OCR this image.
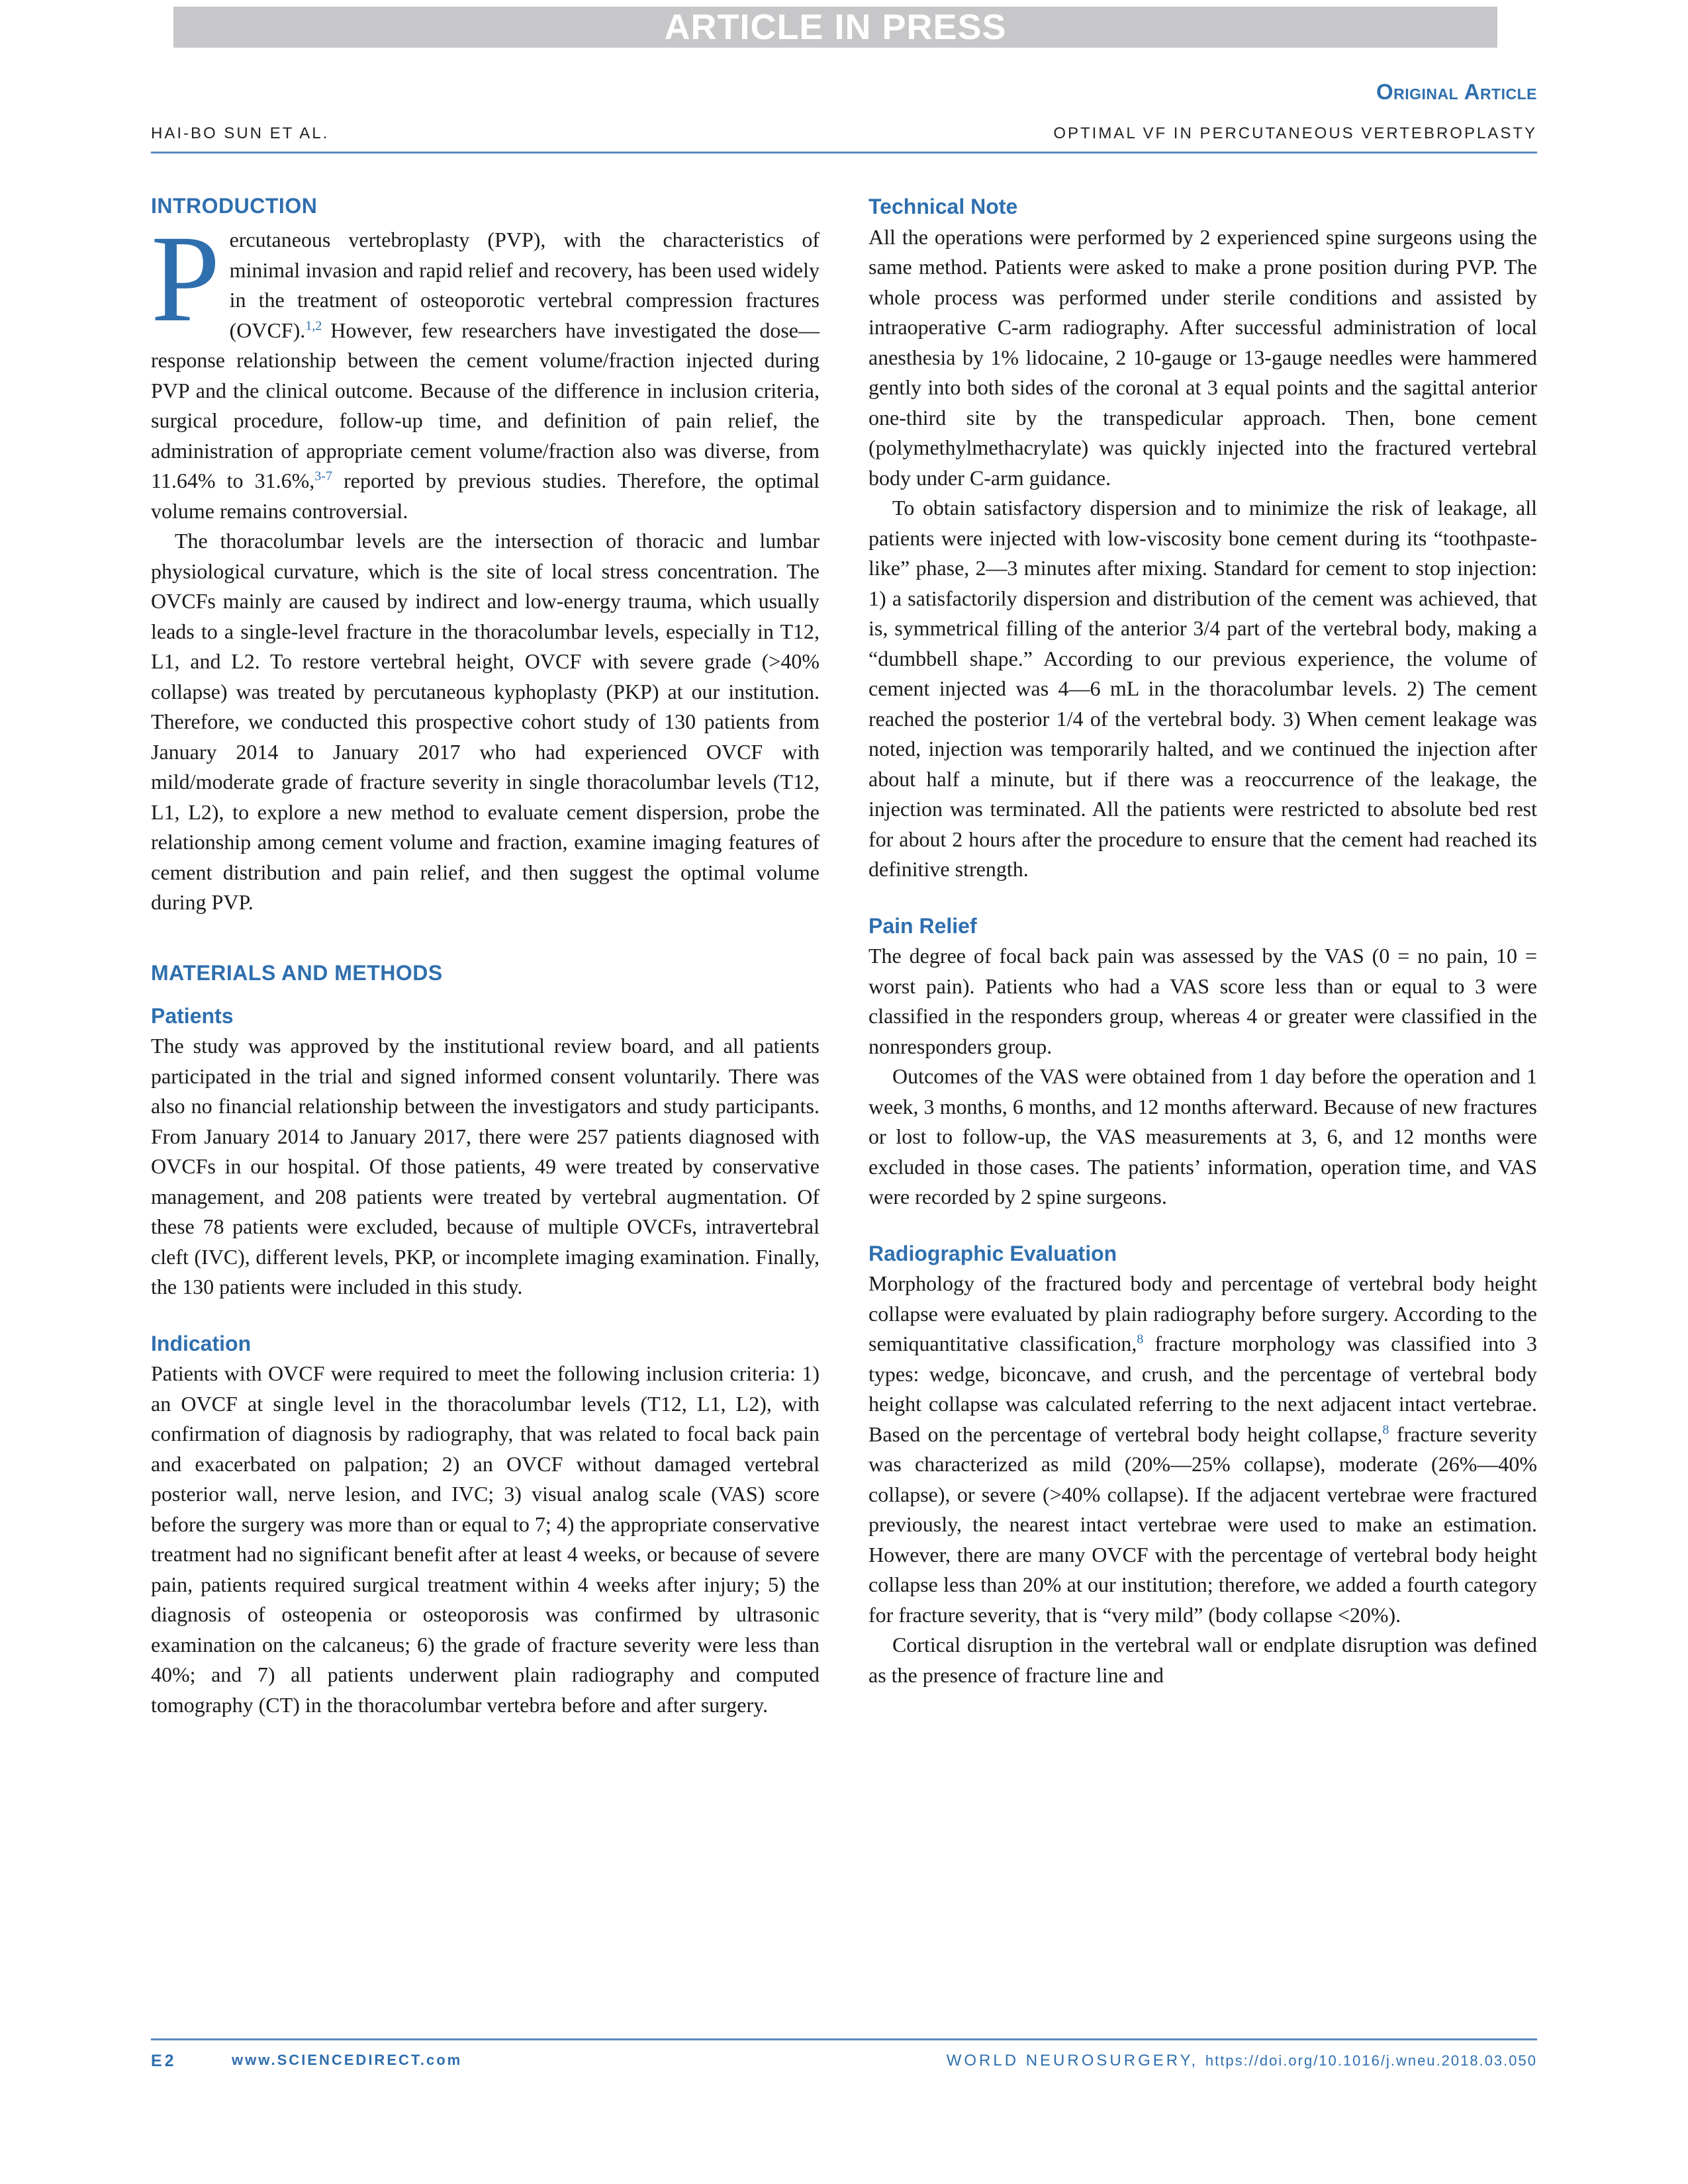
ARTICLE IN PRESS
Original Article
HAI-BO SUN ET AL.	OPTIMAL VF IN PERCUTANEOUS VERTEBROPLASTY
INTRODUCTION

Percutaneous vertebroplasty (PVP), with the characteristics of minimal invasion and rapid relief and recovery, has been used widely in the treatment of osteoporotic vertebral compression fractures (OVCF).$^{1,2}$ However, few researchers have investigated the dose—response relationship between the cement volume/fraction injected during PVP and the clinical outcome. Because of the difference in inclusion criteria, surgical procedure, follow-up time, and definition of pain relief, the administration of appropriate cement volume/fraction also was diverse, from 11.64% to 31.6%,$^{3-7}$ reported by previous studies. Therefore, the optimal volume remains controversial.

The thoracolumbar levels are the intersection of thoracic and lumbar physiological curvature, which is the site of local stress concentration. The OVCFs mainly are caused by indirect and low-energy trauma, which usually leads to a single-level fracture in the thoracolumbar levels, especially in T12, L1, and L2. To restore vertebral height, OVCF with severe grade (>40% collapse) was treated by percutaneous kyphoplasty (PKP) at our institution. Therefore, we conducted this prospective cohort study of 130 patients from January 2014 to January 2017 who had experienced OVCF with mild/moderate grade of fracture severity in single thoracolumbar levels (T12, L1, L2), to explore a new method to evaluate cement dispersion, probe the relationship among cement volume and fraction, examine imaging features of cement distribution and pain relief, and then suggest the optimal volume during PVP.

MATERIALS AND METHODS
Patients

The study was approved by the institutional review board, and all patients participated in the trial and signed informed consent voluntarily. There was also no financial relationship between the investigators and study participants. From January 2014 to January 2017, there were 257 patients diagnosed with OVCFs in our hospital. Of those patients, 49 were treated by conservative management, and 208 patients were treated by vertebral augmentation. Of these 78 patients were excluded, because of multiple OVCFs, intravertebral cleft (IVC), different levels, PKP, or incomplete imaging examination. Finally, the 130 patients were included in this study.

Indication

Patients with OVCF were required to meet the following inclusion criteria: 1) an OVCF at single level in the thoracolumbar levels (T12, L1, L2), with confirmation of diagnosis by radiography, that was related to focal back pain and exacerbated on palpation; 2) an OVCF without damaged vertebral posterior wall, nerve lesion, and IVC; 3) visual analog scale (VAS) score before the surgery was more than or equal to 7; 4) the appropriate conservative treatment had no significant benefit after at least 4 weeks, or because of severe pain, patients required surgical treatment within 4 weeks after injury; 5) the diagnosis of osteopenia or osteoporosis was confirmed by ultrasonic examination on the calcaneus; 6) the grade of fracture severity were less than 40%; and 7) all patients underwent plain radiography and computed tomography (CT) in the thoracolumbar vertebra before and after surgery.

Technical Note

All the operations were performed by 2 experienced spine surgeons using the same method. Patients were asked to make a prone position during PVP. The whole process was performed under sterile conditions and assisted by intraoperative C-arm radiography. After successful administration of local anesthesia by 1% lidocaine, 2 10-gauge or 13-gauge needles were hammered gently into both sides of the coronal at 3 equal points and the sagittal anterior one-third site by the transpedicular approach. Then, bone cement (polymethylmethacrylate) was quickly injected into the fractured vertebral body under C-arm guidance.

To obtain satisfactory dispersion and to minimize the risk of leakage, all patients were injected with low-viscosity bone cement during its “toothpaste-like” phase, 2—3 minutes after mixing. Standard for cement to stop injection: 1) a satisfactorily dispersion and distribution of the cement was achieved, that is, symmetrical filling of the anterior 3/4 part of the vertebral body, making a “dumbbell shape.” According to our previous experience, the volume of cement injected was 4—6 mL in the thoracolumbar levels. 2) The cement reached the posterior 1/4 of the vertebral body. 3) When cement leakage was noted, injection was temporarily halted, and we continued the injection after about half a minute, but if there was a reoccurrence of the leakage, the injection was terminated. All the patients were restricted to absolute bed rest for about 2 hours after the procedure to ensure that the cement had reached its definitive strength.

Pain Relief

The degree of focal back pain was assessed by the VAS (0 = no pain, 10 = worst pain). Patients who had a VAS score less than or equal to 3 were classified in the responders group, whereas 4 or greater were classified in the nonresponders group.

Outcomes of the VAS were obtained from 1 day before the operation and 1 week, 3 months, 6 months, and 12 months afterward. Because of new fractures or lost to follow-up, the VAS measurements at 3, 6, and 12 months were excluded in those cases. The patients’ information, operation time, and VAS were recorded by 2 spine surgeons.

Radiographic Evaluation

Morphology of the fractured body and percentage of vertebral body height collapse were evaluated by plain radiography before surgery. According to the semiquantitative classification,$^8$ fracture morphology was classified into 3 types: wedge, biconcave, and crush, and the percentage of vertebral body height collapse was calculated referring to the next adjacent intact vertebrae. Based on the percentage of vertebral body height collapse,$^8$ fracture severity was characterized as mild (20%—25% collapse), moderate (26%—40% collapse), or severe (>40% collapse). If the adjacent vertebrae were fractured previously, the nearest intact vertebrae were used to make an estimation. However, there are many OVCF with the percentage of vertebral body height collapse less than 20% at our institution; therefore, we added a fourth category for fracture severity, that is “very mild” (body collapse <20%).

Cortical disruption in the vertebral wall or endplate disruption was defined as the presence of fracture line and

E2	www.SCIENCEDIRECT.com	WORLD NEUROSURGERY, https://doi.org/10.1016/j.wneu.2018.03.050
